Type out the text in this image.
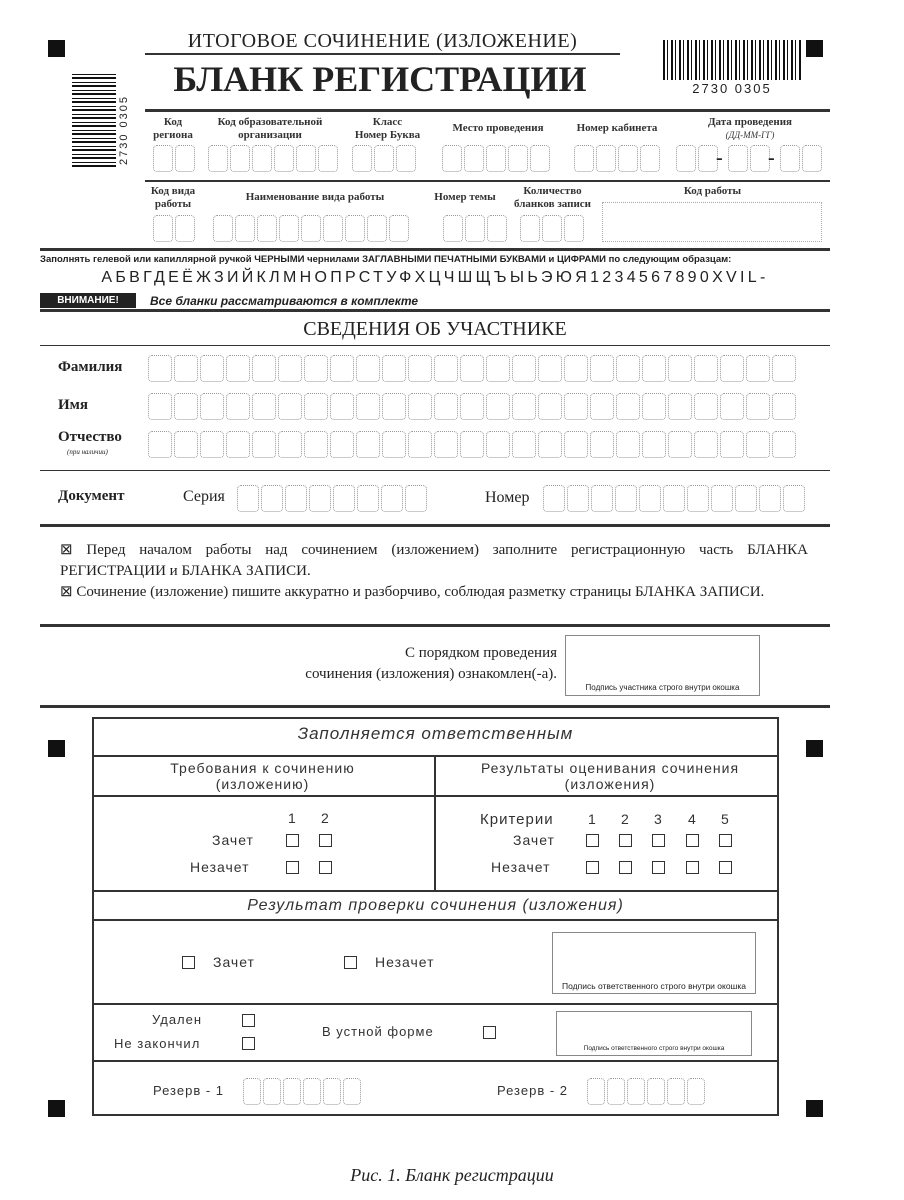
ИТОГОВОЕ СОЧИНЕНИЕ (ИЗЛОЖЕНИЕ)
БЛАНК РЕГИСТРАЦИИ	2730 0305
2730 0305	Код региона
Код образовательной организации
Класс
Номер Буква
Место проведения	Номер кабинета	Дата проведения
(ДД-ММ-ГГ)
- -
Код вида работы
Наименование вида работы	Номер темы	Количество бланков записи
Код работы
Заполнять гелевой или капиллярной ручкой ЧЕРНЫМИ чернилами ЗАГЛАВНЫМИ ПЕЧАТНЫМИ БУКВАМИ и ЦИФРАМИ по следующим образцам:
АБВГДЕЁЖЗИЙКЛМНОПРСТУФХЦЧШЩЪЫЬЭЮЯ1234567890XVIL-
ВНИМАНИЕ!	Все бланки рассматриваются в комплекте
СВЕДЕНИЯ ОБ УЧАСТНИКЕ
Фамилия
Имя
Отчество
(при наличии)
Документ	Серия	Номер
⊠ Перед началом работы над сочинением (изложением) заполните регистрационную часть БЛАНКА РЕГИСТРАЦИИ и БЛАНКА ЗАПИСИ.
⊠ Сочинение (изложение) пишите аккуратно и разборчиво, соблюдая разметку страницы БЛАНКА ЗАПИСИ.
С порядком проведения
сочинения (изложения) ознакомлен(-а).
Подпись участника строго внутри окошка
Заполняется ответственным
Требования к сочинению (изложению)
Результаты оценивания сочинения (изложения)
1 2
Зачет
Незачет
Критерии 1 2 3 4 5
Зачет
Незачет
Результат проверки сочинения (изложения)
Зачет	Незачет
Подпись ответственного строго внутри окошка
Удален
Не закончил
В устной форме
Подпись ответственного строго внутри окошка
Резерв - 1	Резерв - 2
Рис. 1. Бланк регистрации
